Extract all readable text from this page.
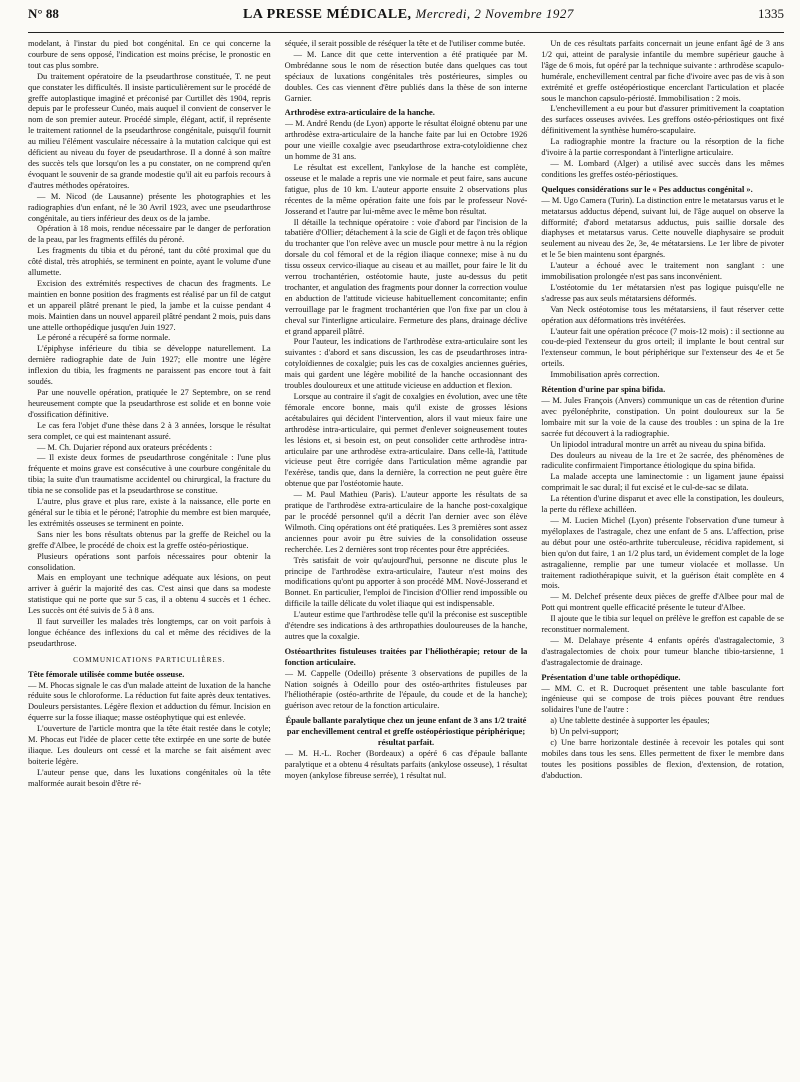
N° 88	LA PRESSE MÉDICALE, Mercredi, 2 Novembre 1927	1335

modelant, à l'instar du pied bot congénital. En ce qui concerne la courbure de sens opposé, l'indication est moins précise, le pronostic en tout cas plus sombre.

Du traitement opératoire de la pseudarthrose constituée, T. ne peut que constater les difficultés. Il insiste particulièrement sur le procédé de greffe autoplastique imaginé et préconisé par Curtillet dès 1904, repris depuis par le professeur Cunéo, mais auquel il convient de conserver le nom de son premier auteur. Procédé simple, élégant, actif, il représente le traitement rationnel de la pseudarthrose congénitale, puisqu'il fournit au milieu l'élément vasculaire nécessaire à la mutation calcique qui est déficient au niveau du foyer de pseudarthrose. Il a donné à son maître des succès tels que lorsqu'on les a pu constater, on ne comprend qu'en évoquant le souvenir de sa grande modestie qu'il ait eu parfois recours à d'autres méthodes opératoires.

— M. Nicod (de Lausanne) présente les photographies et les radiographies d'un enfant, né le 30 Avril 1923, avec une pseudarthrose congénitale, au tiers inférieur des deux os de la jambe.

Opération à 18 mois, rendue nécessaire par le danger de perforation de la peau, par les fragments effilés du péroné.

Les fragments du tibia et du péroné, tant du côté proximal que du côté distal, très atrophiés, se terminent en pointe, ayant le volume d'une allumette.

Excision des extrémités respectives de chacun des fragments. Le maintien en bonne position des fragments est réalisé par un fil de catgut et un appareil plâtré prenant le pied, la jambe et la cuisse pendant 4 mois. Maintien dans un nouvel appareil plâtré pendant 2 mois, puis dans une attelle orthopédique jusqu'en Juin 1927.

Le péroné a récupéré sa forme normale.

L'épiphyse inférieure du tibia se développe naturellement. La dernière radiographie date de Juin 1927; elle montre une légère inflexion du tibia, les fragments ne paraissent pas encore tout à fait soudés.

Par une nouvelle opération, pratiquée le 27 Septembre, on se rend heureusement compte que la pseudarthrose est solide et en bonne voie d'ossification définitive.

Le cas fera l'objet d'une thèse dans 2 à 3 années, lorsque le résultat sera complet, ce qui est maintenant assuré.

— M. Ch. Dujarier répond aux orateurs précédents :

— Il existe deux formes de pseudarthrose congénitale : l'une plus fréquente et moins grave est consécutive à une courbure congénitale du tibia; la suite d'un traumatisme accidentel ou chirurgical, la fracture du tibia ne se consolide pas et la pseudarthrose se constitue.

L'autre, plus grave et plus rare, existe à la naissance, elle porte en général sur le tibia et le péroné; l'atrophie du membre est bien marquée, les extrémités osseuses se terminent en pointe.

Sans nier les bons résultats obtenus par la greffe de Reichel ou la greffe d'Albee, le procédé de choix est la greffe ostéo-périostique.

Plusieurs opérations sont parfois nécessaires pour obtenir la consolidation.

Mais en employant une technique adéquate aux lésions, on peut arriver à guérir la majorité des cas. C'est ainsi que dans sa modeste statistique qui ne porte que sur 5 cas, il a obtenu 4 succès et 1 échec. Les succès ont été suivis de 5 à 8 ans.

Il faut surveiller les malades très longtemps, car on voit parfois à longue échéance des inflexions du cal et même des récidives de la pseudarthrose.

COMMUNICATIONS PARTICULIÈRES.

Tête fémorale utilisée comme butée osseuse.

— M. Phocas signale le cas d'un malade atteint de luxation de la hanche réduite sous le chloroforme. La réduction fut faite après deux tentatives. Douleurs persistantes. Légère flexion et adduction du fémur. Incision en équerre sur la fosse iliaque; masse ostéophytique qui est enlevée.

L'ouverture de l'article montra que la tête était restée dans le cotyle; M. Phocas eut l'idée de placer cette tête extirpée en une sorte de butée iliaque. Les douleurs ont cessé et la marche se fait aisément avec boiterie légère.

L'auteur pense que, dans les luxations congénitales où la tête malformée aurait besoin d'être ré-

séquée, il serait possible de réséquer la tête et de l'utiliser comme butée.

— M. Lance dit que cette intervention a été pratiquée par M. Ombrédanne sous le nom de résection butée dans quelques cas tout spéciaux de luxations congénitales très postérieures, simples ou doubles. Ces cas viennent d'être publiés dans la thèse de son interne Garnier.

Arthrodèse extra-articulaire de la hanche.

— M. André Rendu (de Lyon) apporte le résultat éloigné obtenu par une arthrodèse extra-articulaire de la hanche faite par lui en Octobre 1926 pour une vieille coxalgie avec pseudarthrose extra-cotyloïdienne chez un homme de 31 ans.

Le résultat est excellent, l'ankylose de la hanche est complète, osseuse et le malade a repris une vie normale et peut faire, sans aucune fatigue, plus de 10 km. L'auteur apporte ensuite 2 observations plus récentes de la même opération faite une fois par le professeur Nové-Josserand et l'autre par lui-même avec le même bon résultat.

Il détaille la technique opératoire : voie d'abord par l'incision de la tabatière d'Ollier; détachement à la scie de Gigli et de façon très oblique du trochanter que l'on relève avec un muscle pour mettre à nu la région dorsale du col fémoral et de la région iliaque connexe; mise à nu du tissu osseux cervico-iliaque au ciseau et au maillet, pour faire le lit du verrou trochantérien, ostéotomie haute, juste au-dessus du petit trochanter, et angulation des fragments pour donner la correction voulue en abduction de l'attitude vicieuse habituellement concomitante; enfin verrouillage par le fragment trochantérien que l'on fixe par un clou à cheval sur l'interligne articulaire. Fermeture des plans, drainage déclive et grand appareil plâtré.

Pour l'auteur, les indications de l'arthrodèse extra-articulaire sont les suivantes : d'abord et sans discussion, les cas de pseudarthroses intra-cotyloïdiennes de coxalgie; puis les cas de coxalgies anciennes guéries, mais qui gardent une légère mobilité de la hanche occasionnant des troubles douloureux et une attitude vicieuse en adduction et flexion.

Lorsque au contraire il s'agit de coxalgies en évolution, avec une tête fémorale encore bonne, mais qu'il existe de grosses lésions acétabulaires qui décident l'intervention, alors il vaut mieux faire une arthrodèse intra-articulaire, qui permet d'enlever soigneusement toutes les lésions et, si besoin est, on peut consolider cette arthrodèse intra-articulaire par une arthrodèse extra-articulaire. Dans celle-là, l'attitude vicieuse peut être corrigée dans l'articulation même agrandie par l'exérèse, tandis que, dans la dernière, la correction ne peut guère être obtenue que par l'ostéotomie haute.

— M. Paul Mathieu (Paris). L'auteur apporte les résultats de sa pratique de l'arthrodèse extra-articulaire de la hanche post-coxalgique par le procédé personnel qu'il a décrit l'an dernier avec son élève Wilmoth. Cinq opérations ont été pratiquées. Les 3 premières sont assez anciennes pour avoir pu être suivies de la consolidation osseuse recherchée. Les 2 dernières sont trop récentes pour être appréciées.

Très satisfait de voir qu'aujourd'hui, personne ne discute plus le principe de l'arthrodèse extra-articulaire, l'auteur n'est moins des modifications qu'ont pu apporter à son procédé MM. Nové-Josserand et Bonnet. En particulier, l'emploi de l'incision d'Ollier rend impossible ou difficile la taille délicate du volet iliaque qui est indispensable.

L'auteur estime que l'arthrodèse telle qu'il la préconise est susceptible d'étendre ses indications à des arthropathies douloureuses de la hanche, autres que la coxalgie.

Ostéoarthrites fistuleuses traitées par l'héliothérapie; retour de la fonction articulaire.

— M. Cappelle (Odeillo) présente 3 observations de pupilles de la Nation soignés à Odeillo pour des ostéo-arthrites fistuleuses par l'héliothérapie (ostéo-arthrite de l'épaule, du coude et de la hanche); guérison avec retour de la fonction articulaire.

Épaule ballante paralytique chez un jeune enfant de 3 ans 1/2 traité par enchevillement central et greffe ostéopériostique périphérique; résultat parfait.

— M. H.-L. Rocher (Bordeaux) a opéré 6 cas d'épaule ballante paralytique et a obtenu 4 résultats parfaits (ankylose osseuse), 1 résultat moyen (ankylose fibreuse serrée), 1 résultat nul.

Un de ces résultats parfaits concernait un jeune enfant âgé de 3 ans 1/2 qui, atteint de paralysie infantile du membre supérieur gauche à l'âge de 6 mois, fut opéré par la technique suivante : arthrodèse scapulo-humérale, enchevillement central par fiche d'ivoire avec pas de vis à son extrémité et greffe ostéopériostique encerclant l'articulation et placée sous le manchon capsulo-périosté. Immobilisation : 2 mois.

L'enchevillement a eu pour but d'assurer primitivement la coaptation des surfaces osseuses avivées. Les greffons ostéo-périostiques ont fixé définitivement la synthèse huméro-scapulaire.

La radiographie montre la fracture ou la résorption de la fiche d'ivoire à la partie correspondant à l'interligne articulaire.

— M. Lombard (Alger) a utilisé avec succès dans les mêmes conditions les greffes ostéo-périostiques.

Quelques considérations sur le « Pes adductus congénital ».

— M. Ugo Camera (Turin). La distinction entre le metatarsus varus et le metatarsus adductus dépend, suivant lui, de l'âge auquel on observe la difformité; d'abord metatarsus adductus, puis saillie dorsale des diaphyses et metatarsus varus. Cette nouvelle diaphysaire se produit seulement au niveau des 2e, 3e, 4e métatarsiens. Le 1er libre de pivoter et le 5e bien maintenu sont épargnés.

L'auteur a échoué avec le traitement non sanglant : une immobilisation prolongée n'est pas sans inconvénient.

L'ostéotomie du 1er métatarsien n'est pas logique puisqu'elle ne s'adresse pas aux seuls métatarsiens déformés.

Van Neck ostéotomise tous les métatarsiens, il faut réserver cette opération aux déformations très invétérées.

L'auteur fait une opération précoce (7 mois-12 mois) : il sectionne au cou-de-pied l'extenseur du gros orteil; il implante le bout central sur l'extenseur commun, le bout périphérique sur l'extenseur des 4e et 5e orteils.

Immobilisation après correction.

Rétention d'urine par spina bifida.

— M. Jules François (Anvers) communique un cas de rétention d'urine avec pyélonéphrite, constipation. Un point douloureux sur la 5e lombaire mit sur la voie de la cause des troubles : un spina de la 1re sacrée fut découvert à la radiographie.

Un lipiodol intradural montre un arrêt au niveau du spina bifida.

Des douleurs au niveau de la 1re et 2e sacrée, des phénomènes de radiculite confirmaient l'importance étiologique du spina bifida.

La malade accepta une laminectomie : un ligament jaune épaissi comprimait le sac dural; il fut excisé et le cul-de-sac se dilata.

La rétention d'urine disparut et avec elle la constipation, les douleurs, la perte du réflexe achilléen.

— M. Lucien Michel (Lyon) présente l'observation d'une tumeur à myéloplaxes de l'astragale, chez une enfant de 5 ans. L'affection, prise au début pour une ostéo-arthrite tuberculeuse, récidiva rapidement, si bien qu'on dut faire, 1 an 1/2 plus tard, un évidement complet de la loge astragalienne, remplie par une tumeur violacée et mollasse. Un traitement radiothérapique suivit, et la guérison était complète en 4 mois.

— M. Delchef présente deux pièces de greffe d'Albee pour mal de Pott qui montrent quelle efficacité présente le tuteur d'Albee.

Il ajoute que le tibia sur lequel on prélève le greffon est capable de se reconstituer normalement.

— M. Delahaye présente 4 enfants opérés d'astragalectomie, 3 d'astragalectomies de choix pour tumeur blanche tibio-tarsienne, 1 d'astragalectomie de drainage.

Présentation d'une table orthopédique.

— MM. C. et R. Ducroquet présentent une table basculante fort ingénieuse qui se compose de trois pièces pouvant être rendues solidaires l'une de l'autre :

a) Une tablette destinée à supporter les épaules;

b) Un pelvi-support;

c) Une barre horizontale destinée à recevoir les potales qui sont mobiles dans tous les sens. Elles permettent de fixer le membre dans toutes les positions possibles de flexion, d'extension, de rotation, d'abduction.
